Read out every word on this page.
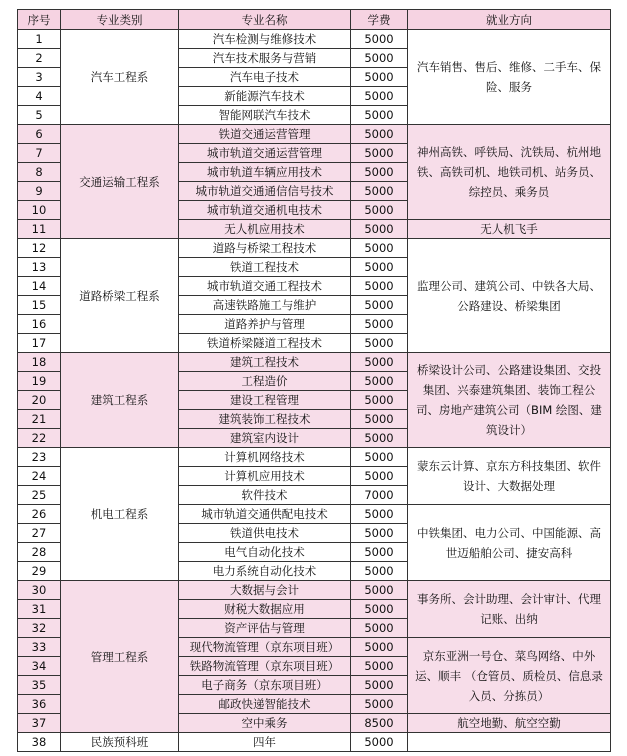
序号	专业类别	专业名称	学费	就业方向
1	汽车工程系	汽车检测与维修技术	5000	汽车销售、售后、维修、二手车、保险、服务
2		汽车技术服务与营销	5000	
3		汽车电子技术	5000	
4		新能源汽车技术	5000	
5		智能网联汽车技术	5000	
6	交通运输工程系	铁道交通运营管理	5000	神州高铁、呼铁局、沈铁局、杭州地铁、高铁司机、地铁司机、站务员、综控员、乘务员
7		城市轨道交通运营管理	5000	
8		城市轨道车辆应用技术	5000	
9		城市轨道交通通信信号技术	5000	
10		城市轨道交通机电技术	5000	
11		无人机应用技术	5000	无人机飞手
12	道路桥梁工程系	道路与桥梁工程技术	5000	监理公司、建筑公司、中铁各大局、公路建设、桥梁集团
13		铁道工程技术	5000	
14		城市轨道交通工程技术	5000	
15		高速铁路施工与维护	5000	
16		道路养护与管理	5000	
17		铁道桥梁隧道工程技术	5000	
18	建筑工程系	建筑工程技术	5000	桥梁设计公司、公路建设集团、交投集团、兴泰建筑集团、装饰工程公司、房地产建筑公司（BIM 绘图、建筑设计）
19		工程造价	5000	
20		建设工程管理	5000	
21		建筑装饰工程技术	5000	
22		建筑室内设计	5000	
23	机电工程系	计算机网络技术	5000	蒙东云计算、京东方科技集团、软件设计、大数据处理
24		计算机应用技术	5000	
25		软件技术	7000	
26		城市轨道交通供配电技术	5000	中铁集团、电力公司、中国能源、高世迈船舶公司、捷安高科
27		铁道供电技术	5000	
28		电气自动化技术	5000	
29		电力系统自动化技术	5000	
30	管理工程系	大数据与会计	5000	事务所、会计助理、会计审计、代理记账、出纳
31		财税大数据应用	5000	
32		资产评估与管理	5000	
33		现代物流管理（京东项目班）	5000	京东亚洲一号仓、菜鸟网络、中外运、顺丰 （仓管员、质检员、信息录入员、分拣员）
34		铁路物流管理（京东项目班）	5000	
35		电子商务（京东项目班）	5000	
36		邮政快递智能技术	5000	
37		空中乘务	8500	航空地勤、航空空勤
38	民族预科班	四年	5000	
